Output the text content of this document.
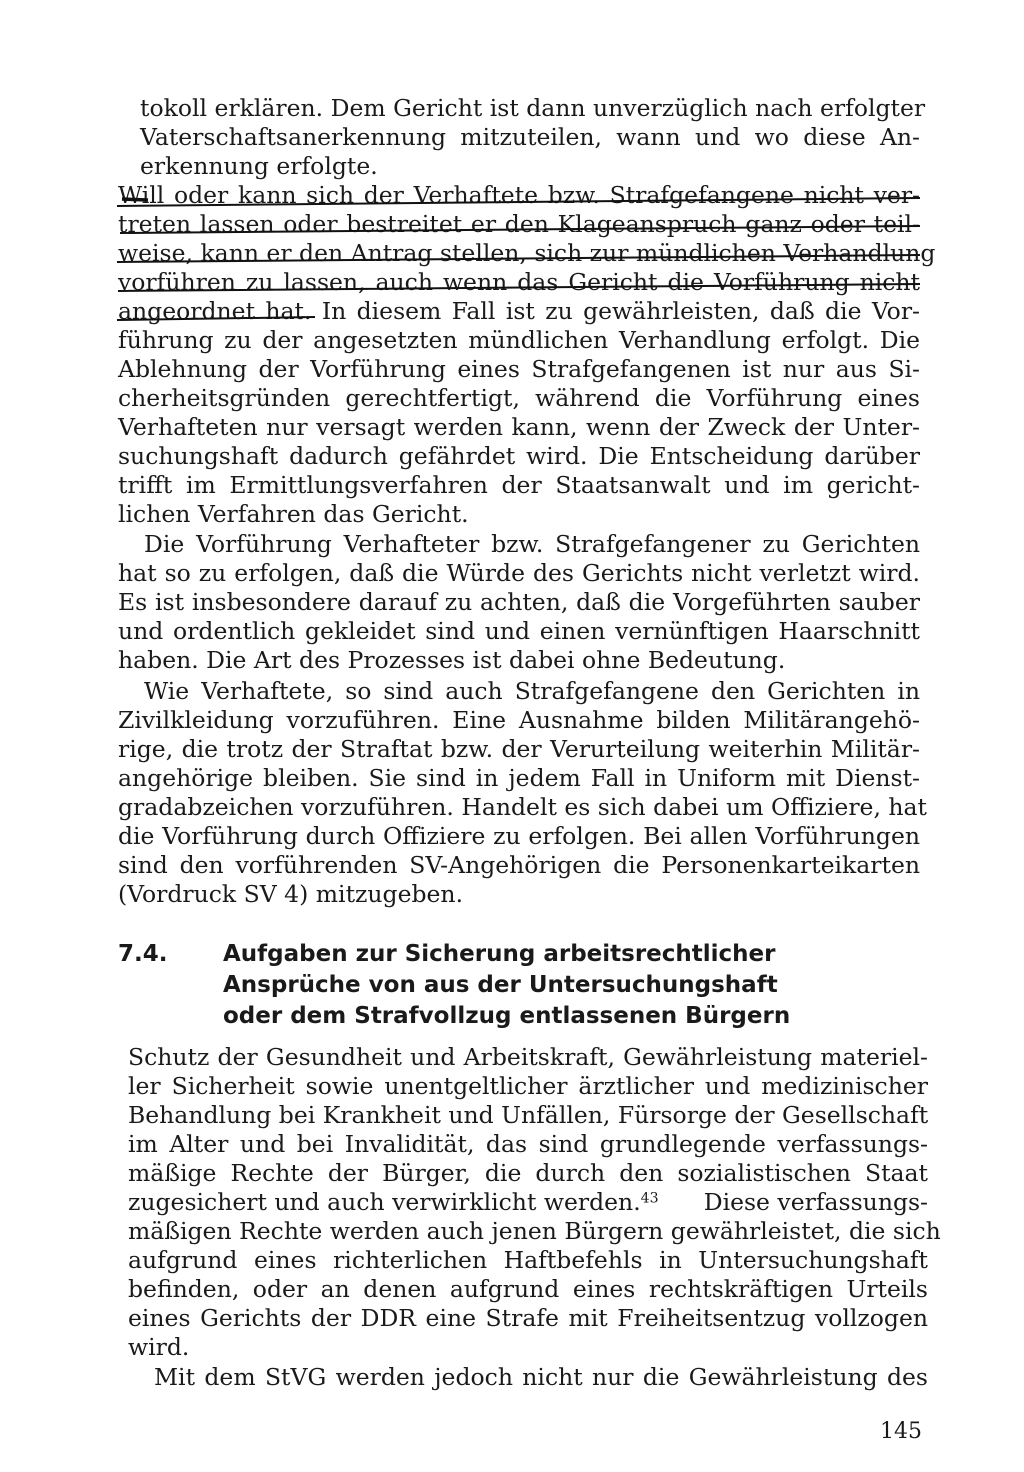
tokoll erklären. Dem Gericht ist dann unverzüglich nach erfolgter
Vaterschaftsanerkennung mitzuteilen, wann und wo diese An-
erkennung erfolgte.
Will oder kann sich der Verhaftete bzw. Strafgefangene nicht ver-
treten lassen oder bestreitet er den Klageanspruch ganz oder teil-
weise, kann er den Antrag stellen, sich zur mündlichen Verhandlung
vorführen zu lassen, auch wenn das Gericht die Vorführung nicht
angeordnet hat. In diesem Fall ist zu gewährleisten, daß die Vor-
führung zu der angesetzten mündlichen Verhandlung erfolgt. Die
Ablehnung der Vorführung eines Strafgefangenen ist nur aus Si-
cherheitsgründen gerechtfertigt, während die Vorführung eines
Verhafteten nur versagt werden kann, wenn der Zweck der Unter-
suchungshaft dadurch gefährdet wird. Die Entscheidung darüber
trifft im Ermittlungsverfahren der Staatsanwalt und im gericht-
lichen Verfahren das Gericht.
Die Vorführung Verhafteter bzw. Strafgefangener zu Gerichten
hat so zu erfolgen, daß die Würde des Gerichts nicht verletzt wird.
Es ist insbesondere darauf zu achten, daß die Vorgeführten sauber
und ordentlich gekleidet sind und einen vernünftigen Haarschnitt
haben. Die Art des Prozesses ist dabei ohne Bedeutung.
Wie Verhaftete, so sind auch Strafgefangene den Gerichten in
Zivilkleidung vorzuführen. Eine Ausnahme bilden Militärangehö-
rige, die trotz der Straftat bzw. der Verurteilung weiterhin Militär-
angehörige bleiben. Sie sind in jedem Fall in Uniform mit Dienst-
gradabzeichen vorzuführen. Handelt es sich dabei um Offiziere, hat
die Vorführung durch Offiziere zu erfolgen. Bei allen Vorführungen
sind den vorführenden SV-Angehörigen die Personenkarteikarten
(Vordruck SV 4) mitzugeben.
7.4. Aufgaben zur Sicherung arbeitsrechtlicher
Ansprüche von aus der Untersuchungshaft
oder dem Strafvollzug entlassenen Bürgern
Schutz der Gesundheit und Arbeitskraft, Gewährleistung materiel-
ler Sicherheit sowie unentgeltlicher ärztlicher und medizinischer
Behandlung bei Krankheit und Unfällen, Fürsorge der Gesellschaft
im Alter und bei Invalidität, das sind grundlegende verfassungs-
mäßige Rechte der Bürger, die durch den sozialistischen Staat
zugesichert und auch verwirklicht werden.$^{43}$ Diese verfassungs-
mäßigen Rechte werden auch jenen Bürgern gewährleistet, die sich
aufgrund eines richterlichen Haftbefehls in Untersuchungshaft
befinden, oder an denen aufgrund eines rechtskräftigen Urteils
eines Gerichts der DDR eine Strafe mit Freiheitsentzug vollzogen
wird.
Mit dem StVG werden jedoch nicht nur die Gewährleistung des
145
